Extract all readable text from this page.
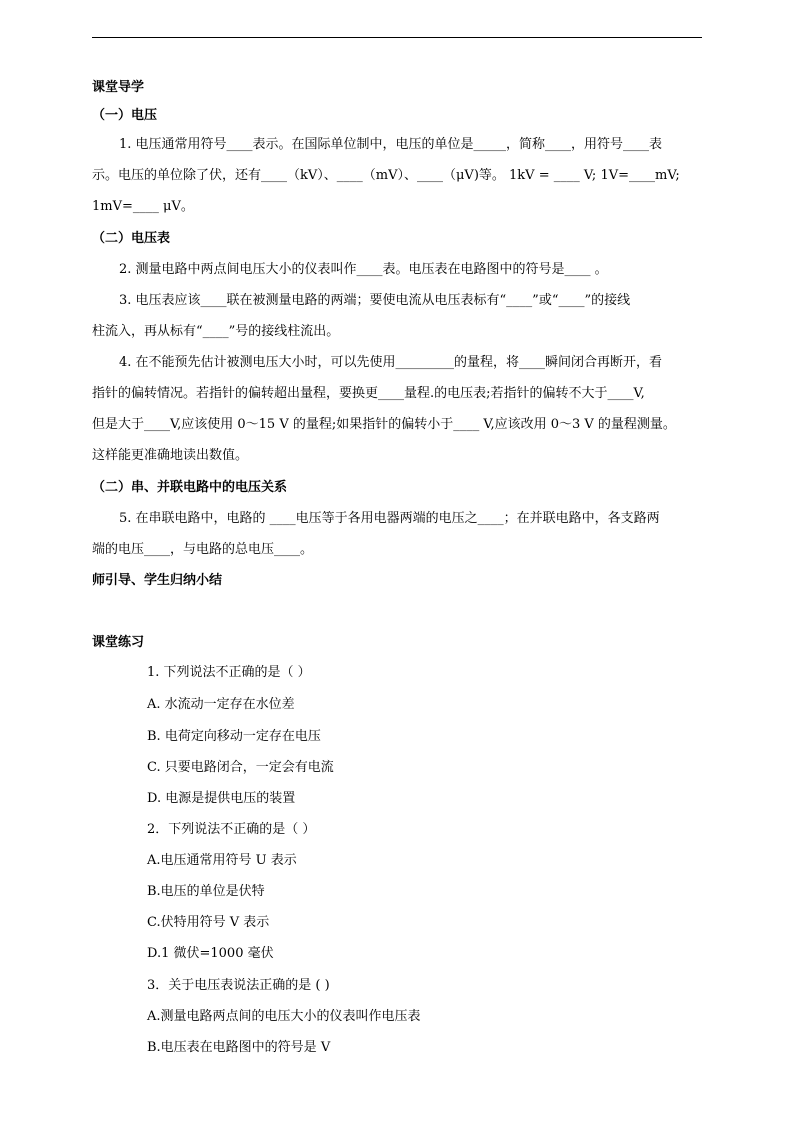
课堂导学
（一）电压
1. 电压通常用符号____表示。在国际单位制中，电压的单位是_____，简称____，用符号____表
示。电压的单位除了伏，还有____（kV）、____（mV）、____（μV)等。 1kV = ____ V; 1V=____mV;
1mV=____ μV。
（二）电压表
2. 测量电路中两点间电压大小的仪表叫作____表。电压表在电路图中的符号是____ 。
3. 电压表应该____联在被测量电路的两端；要使电流从电压表标有“____”或“____”的接线
柱流入，再从标有“____”号的接线柱流出。
4. 在不能预先估计被测电压大小时，可以先使用_________的量程，将____瞬间闭合再断开，看
指针的偏转情况。若指针的偏转超出量程，要换更____量程.的电压表;若指针的偏转不大于____V,
但是大于____V,应该使用 0～15 V 的量程;如果指针的偏转小于____ V,应该改用 0～3 V 的量程测量。
这样能更准确地读出数值。
（二）串、并联电路中的电压关系
5. 在串联电路中，电路的 ____电压等于各用电器两端的电压之____；在并联电路中，各支路两
端的电压____，与电路的总电压____。
师引导、学生归纳小结
课堂练习
1. 下列说法不正确的是（ ）
A. 水流动一定存在水位差
B. 电荷定向移动一定存在电压
C. 只要电路闭合，一定会有电流
D. 电源是提供电压的装置
2．下列说法不正确的是（ ）
A.电压通常用符号 U 表示
B.电压的单位是伏特
C.伏特用符号 V 表示
D.1 微伏=1000 毫伏
3．关于电压表说法正确的是 ( )
A.测量电路两点间的电压大小的仪表叫作电压表
B.电压表在电路图中的符号是 V
